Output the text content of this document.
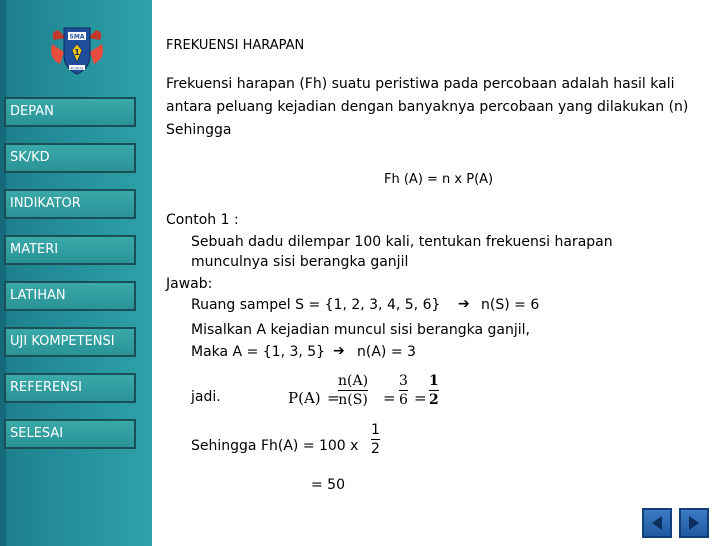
SMA
1
KUDUS
DEPAN
SK/KD
INDIKATOR
MATERI
LATIHAN
UJI KOMPETENSI
REFERENSI
SELESAI
FREKUENSI HARAPAN
Frekuensi harapan (Fh) suatu peristiwa pada percobaan adalah hasil kali
antara peluang kejadian dengan banyaknya percobaan yang dilakukan (n)
Sehingga
Fh (A) = n x P(A)
Contoh 1 :
Sebuah dadu dilempar 100 kali, tentukan frekuensi harapan
munculnya sisi berangka ganjil
Jawab:
Ruang sampel S = {1, 2, 3, 4, 5, 6} ➔ n(S) = 6
Misalkan A kejadian muncul sisi berangka ganjil,
Maka A = {1, 3, 5} ➔ n(A) = 3
jadi.	P(A)
n(A)
n(S)
=	=
3
6 =
1
2
Sehingga Fh(A) = 100 x
1
2
= 50
